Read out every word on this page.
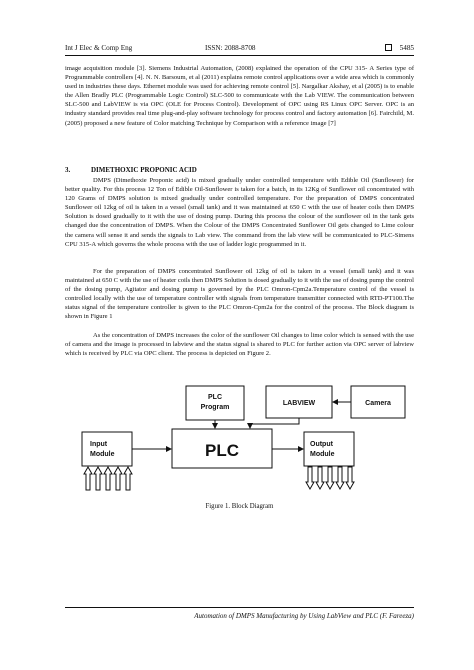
Int J Elec & Comp Eng	ISSN: 2088-8708	5485

image acquisition module [3]. Siemens Industrial Automation, (2008) explained the operation of the CPU 315- A Series type of Programmable controllers [4]. N. N. Barsoum, et al (2011) explains remote control applications over a wide area which is commonly used in industries these days. Ethernet module was used for achieving remote control [5]. Nargalkar Akshay, et al (2005) is to enable the Allen Bradly PLC (Programmable Logic Control) SLC-500 to communicate with the Lab VIEW. The communication between SLC-500 and LabVIEW is via OPC (OLE for Process Control). Development of OPC using RS Linux OPC Server. OPC is an industry standard provides real time plug-and-play software technology for process control and factory automation [6]. Fairchild, M. (2005) proposed a new feature of Color matching Technique by Comparison with a reference image [7]

3.	DIMETHOXIC PROPONIC ACID

DMPS (Dimethoxie Proponic acid) is mixed gradually under controlled temperature with Edible Oil (Sunflower) for better quality. For this process 12 Ton of Edible Oil-Sunflower is taken for a batch, in its 12Kg of Sunflower oil concentrated with 120 Grams of DMPS solution is mixed gradually under controlled temperature. For the preparation of DMPS concentrated Sunflower oil 12kg of oil is taken in a vessel (small tank) and it was maintained at 650 C with the use of heater coils then DMPS Solution is dosed gradually to it with the use of dosing pump. During this process the colour of the sunflower oil in the tank gets changed due the concentration of DMPS. When the Colour of the DMPS Concentrated Sunflower Oil gets changed to Lime colour the camera will sense it and sends the signals to Lab view. The command from the lab view will be communicated to PLC-Simens CPU 315-A which governs the whole process with the use of ladder logic programmed in it.

For the preparation of DMPS concentrated Sunflower oil 12kg of oil is taken in a vessel (small tank) and it was maintained at 650 C with the use of heater coils then DMPS Solution is dosed gradually to it with the use of dosing pump the control of the dosing pump, Agitator and dosing pump is governed by the PLC Omron-Cpm2a.Temperature control of the vessel is controlled locally with the use of temperature controller with signals from temperature transmitter connected with RTD-PT100.The status signal of the temperature controller is given to the PLC Omron-Cpm2a for the control of the process. The Block diagram is shown in Figure 1

As the concentration of DMPS increases the color of the sunflower Oil changes to lime color which is sensed with the use of camera and the image is processed in labview and the status signal is shared to PLC for further action via OPC server of labview which is received by PLC via OPC client. The process is depicted on Figure 2.

PLC
Program
LABVIEW	Camera
PLC
Input
Module
Output
Module
Figure 1. Block Diagram
Automation of DMPS Manufacturing by Using LabView and PLC (F. Fareeza)
